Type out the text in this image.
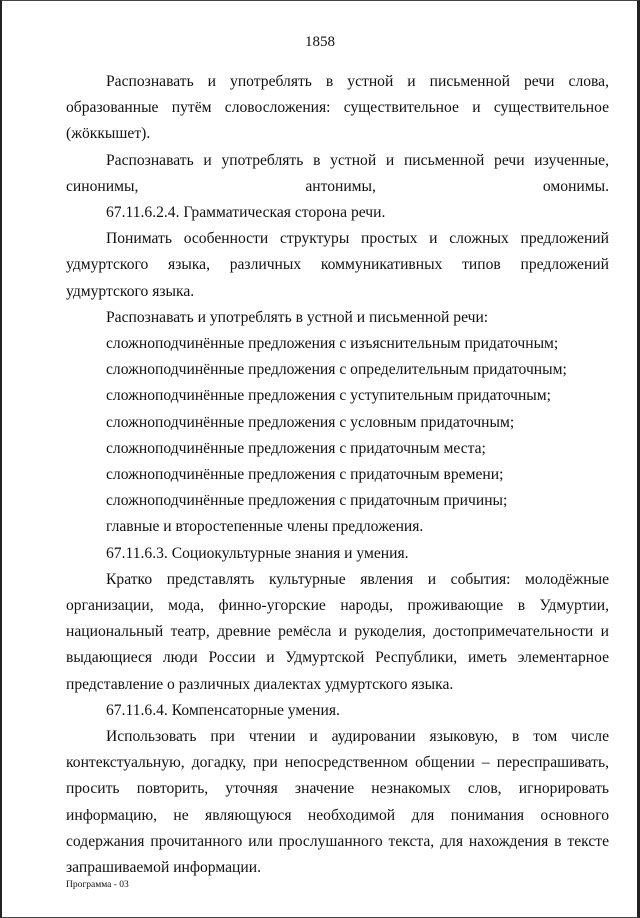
1858

Распознавать и употреблять в устной и письменной речи слова, образованные путём словосложения: существительное и существительное (жöккышет).

Распознавать и употреблять в устной и письменной речи изученные, синонимы, антонимы, омонимы.

67.11.6.2.4. Грамматическая сторона речи.

Понимать особенности структуры простых и сложных предложений удмуртского языка, различных коммуникативных типов предложений удмуртского языка.

Распознавать и употреблять в устной и письменной речи:

сложноподчинённые предложения с изъяснительным придаточным;

сложноподчинённые предложения с определительным придаточным;

сложноподчинённые предложения с уступительным придаточным;

сложноподчинённые предложения с условным придаточным;

сложноподчинённые предложения с придаточным места;

сложноподчинённые предложения с придаточным времени;

сложноподчинённые предложения с придаточным причины;

главные и второстепенные члены предложения.

67.11.6.3. Социокультурные знания и умения.

Кратко представлять культурные явления и события: молодёжные организации, мода, финно-угорские народы, проживающие в Удмуртии, национальный театр, древние ремёсла и рукоделия, достопримечательности и выдающиеся люди России и Удмуртской Республики, иметь элементарное представление о различных диалектах удмуртского языка.

67.11.6.4. Компенсаторные умения.

Использовать при чтении и аудировании языковую, в том числе контекстуальную, догадку, при непосредственном общении – переспрашивать, просить повторить, уточняя значение незнакомых слов, игнорировать информацию, не являющуюся необходимой для понимания основного содержания прочитанного или прослушанного текста, для нахождения в тексте запрашиваемой информации.

Программа - 03
